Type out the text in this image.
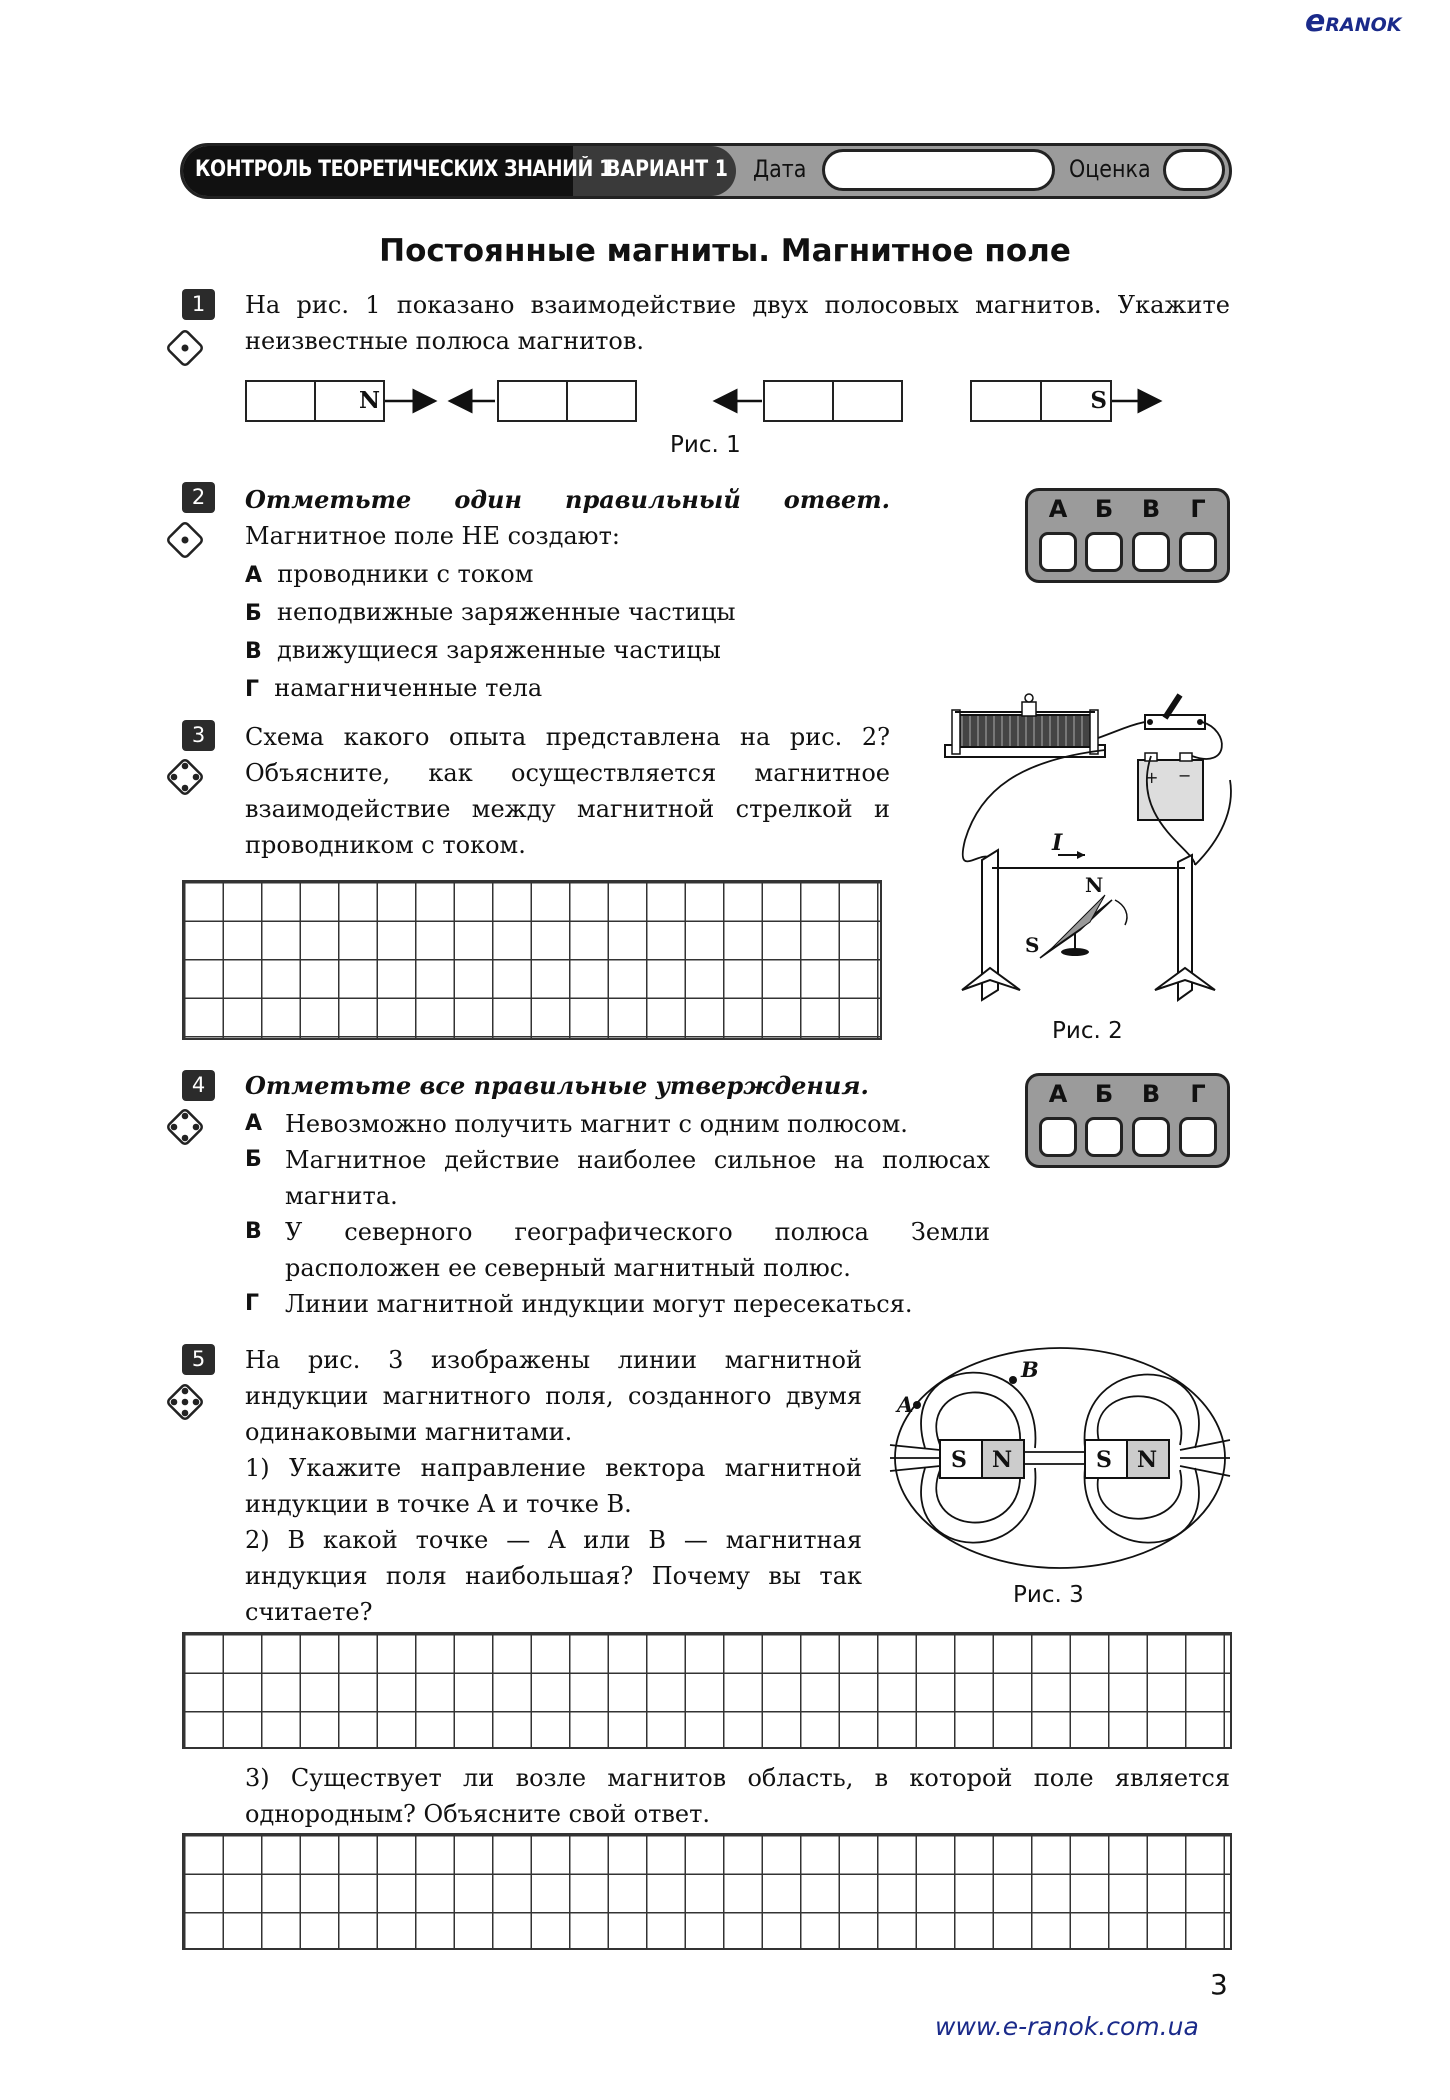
eRANOK
КОНТРОЛЬ ТЕОРЕТИЧЕСКИХ ЗНАНИЙ 1
ВАРИАНТ 1 Дата	Оценка
Постоянные магниты. Магнитное поле
1	На рис. 1 показано взаимодействие двух полосовых магнитов. Укажите неизвестные полюса магнитов.
N	S
Рис. 1
2	Отметьте один правильный ответ. Магнитное поле НЕ создают:
А проводники с током
Б неподвижные заряженные частицы
В движущиеся заряженные частицы
Г намагниченные тела
А	Б	В	Г
3	Схема какого опыта представлена на рис. 2? Объясните, как осуществляется магнитное взаимодействие между магнитной стрелкой и проводником с током.
+ −
I
N
S
Рис. 2
4	Отметьте все правильные утверждения.
А Невозможно получить магнит с одним полюсом.
Б Магнитное действие наиболее сильное на полюсах магнита.
В У северного географического полюса Земли расположен ее северный магнитный полюс.
Г	Линии магнитной индукции могут пересекаться.
А	Б	В	Г
5	На рис. 3 изображены линии магнитной индукции магнитного поля, созданного двумя одинаковыми магнитами.
1) Укажите направление вектора магнитной индукции в точке A и точке B.
2) В какой точке — A или B — магнитная индукция поля наибольшая? Почему вы так считаете?
S N	S N
A
B
Рис. 3
3) Существует ли возле магнитов область, в которой поле является однородным? Объясните свой ответ.
3
www.e-ranok.com.ua
